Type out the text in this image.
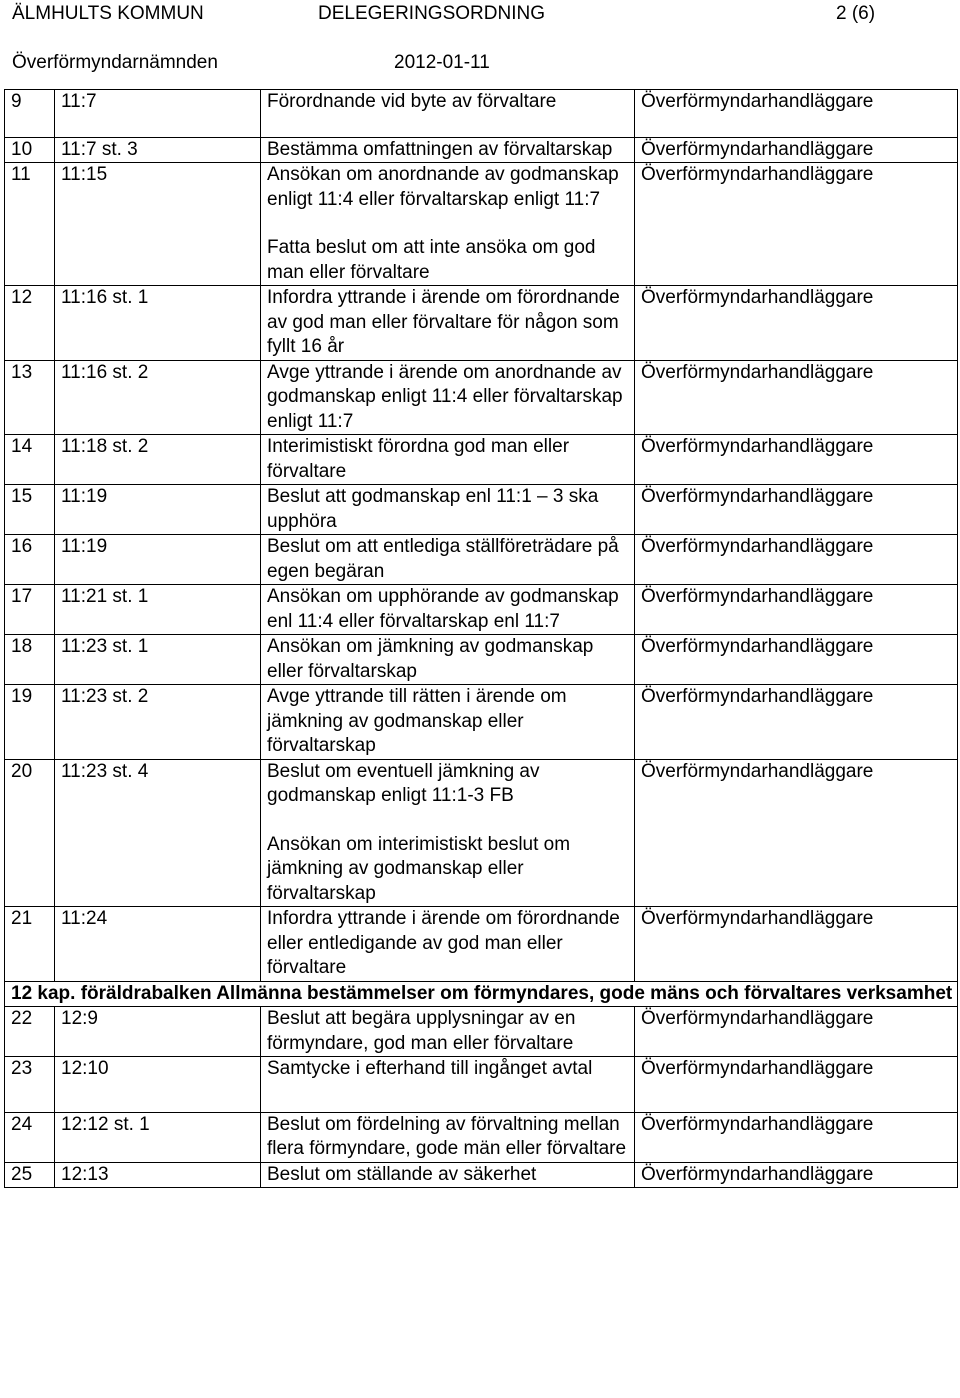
ÄLMHULTS KOMMUN	DELEGERINGSORDNING	2 (6)
Överförmyndarnämnden	2012-01-11
9	11:7	Förordnande vid byte av förvaltare	Överförmyndarhandläggare
10	11:7 st. 3	Bestämma omfattningen av förvaltarskap	Överförmyndarhandläggare
11	11:15	Ansökan om anordnande av godmanskap enligt 11:4 eller förvaltarskap enligt 11:7
Fatta beslut om att inte ansöka om god man eller förvaltare	Överförmyndarhandläggare
12	11:16 st. 1	Infordra yttrande i ärende om förordnande av god man eller förvaltare för någon som fyllt 16 år	Överförmyndarhandläggare
13	11:16 st. 2	Avge yttrande i ärende om anordnande av godmanskap enligt 11:4 eller förvaltarskap enligt 11:7	Överförmyndarhandläggare
14	11:18 st. 2	Interimistiskt förordna god man eller förvaltare	Överförmyndarhandläggare
15	11:19	Beslut att godmanskap enl 11:1 – 3 ska upphöra	Överförmyndarhandläggare
16	11:19	Beslut om att entlediga ställföreträdare på egen begäran	Överförmyndarhandläggare
17	11:21 st. 1	Ansökan om upphörande av godmanskap enl 11:4 eller förvaltarskap enl 11:7	Överförmyndarhandläggare
18	11:23 st. 1	Ansökan om jämkning av godmanskap eller förvaltarskap	Överförmyndarhandläggare
19	11:23 st. 2	Avge yttrande till rätten i ärende om jämkning av godmanskap eller förvaltarskap	Överförmyndarhandläggare
20	11:23 st. 4	Beslut om eventuell jämkning av godmanskap enligt 11:1-3 FB
Ansökan om interimistiskt beslut om jämkning av godmanskap eller förvaltarskap	Överförmyndarhandläggare
21	11:24	Infordra yttrande i ärende om förordnande eller entledigande av god man eller förvaltare	Överförmyndarhandläggare
12 kap. föräldrabalken Allmänna bestämmelser om förmyndares, gode mäns och förvaltares verksamhet			
22	12:9	Beslut att begära upplysningar av en förmyndare, god man eller förvaltare	Överförmyndarhandläggare
23	12:10	Samtycke i efterhand till ingånget avtal	Överförmyndarhandläggare
24	12:12 st. 1	Beslut om fördelning av förvaltning mellan flera förmyndare, gode män eller förvaltare	Överförmyndarhandläggare
25	12:13	Beslut om ställande av säkerhet	Överförmyndarhandläggare
